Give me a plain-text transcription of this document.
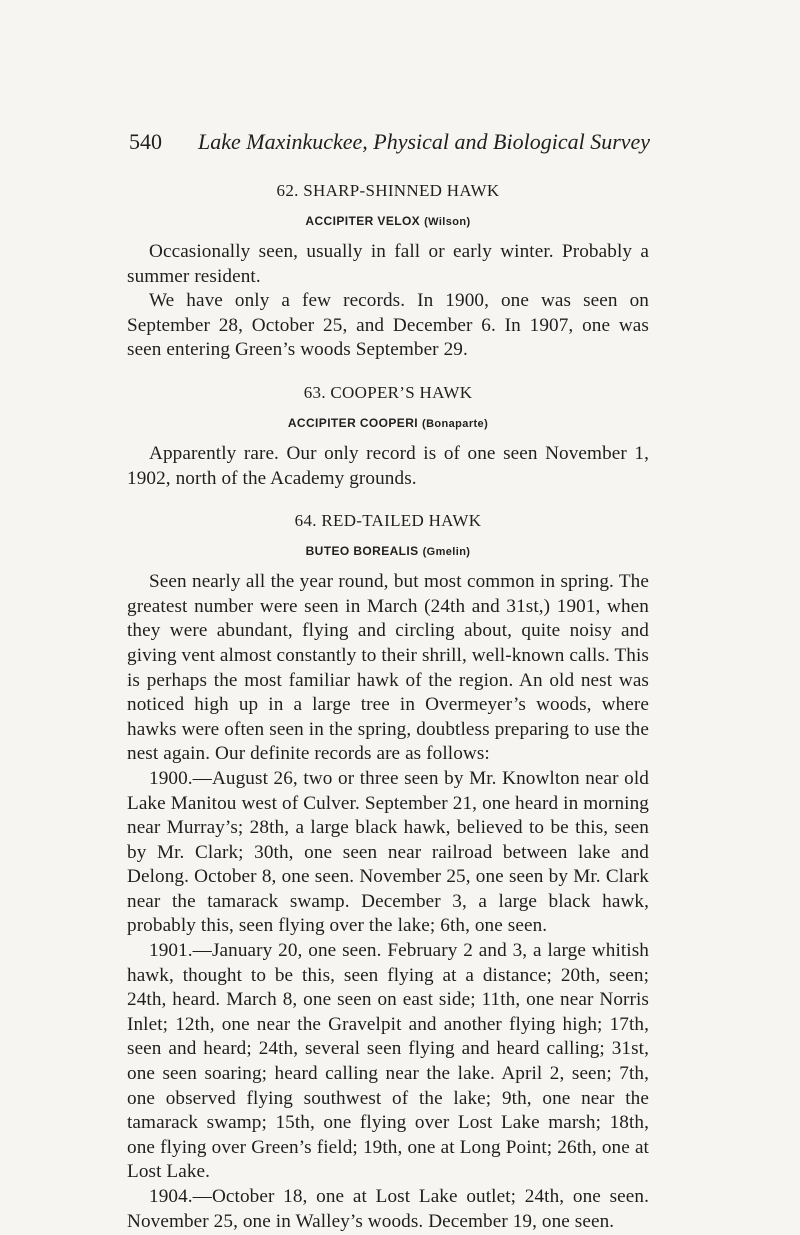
540 Lake Maxinkuckee, Physical and Biological Survey
62. SHARP-SHINNED HAWK
ACCIPITER VELOX (Wilson)

Occasionally seen, usually in fall or early winter. Probably a summer resident.

We have only a few records. In 1900, one was seen on September 28, October 25, and December 6. In 1907, one was seen entering Green’s woods September 29.

63. COOPER’S HAWK
ACCIPITER COOPERI (Bonaparte)

Apparently rare. Our only record is of one seen November 1, 1902, north of the Academy grounds.

64. RED-TAILED HAWK
BUTEO BOREALIS (Gmelin)

Seen nearly all the year round, but most common in spring. The greatest number were seen in March (24th and 31st,) 1901, when they were abundant, flying and circling about, quite noisy and giving vent almost constantly to their shrill, well-known calls. This is perhaps the most familiar hawk of the region. An old nest was noticed high up in a large tree in Overmeyer’s woods, where hawks were often seen in the spring, doubtless preparing to use the nest again. Our definite records are as follows:

1900.—August 26, two or three seen by Mr. Knowlton near old Lake Manitou west of Culver. September 21, one heard in morning near Murray’s; 28th, a large black hawk, believed to be this, seen by Mr. Clark; 30th, one seen near railroad between lake and Delong. October 8, one seen. November 25, one seen by Mr. Clark near the tamarack swamp. December 3, a large black hawk, probably this, seen flying over the lake; 6th, one seen.

1901.—January 20, one seen. February 2 and 3, a large whitish hawk, thought to be this, seen flying at a distance; 20th, seen; 24th, heard. March 8, one seen on east side; 11th, one near Norris Inlet; 12th, one near the Gravelpit and another flying high; 17th, seen and heard; 24th, several seen flying and heard calling; 31st, one seen soaring; heard calling near the lake. April 2, seen; 7th, one observed flying southwest of the lake; 9th, one near the tamarack swamp; 15th, one flying over Lost Lake marsh; 18th, one flying over Green’s field; 19th, one at Long Point; 26th, one at Lost Lake.

1904.—October 18, one at Lost Lake outlet; 24th, one seen. November 25, one in Walley’s woods. December 19, one seen.
